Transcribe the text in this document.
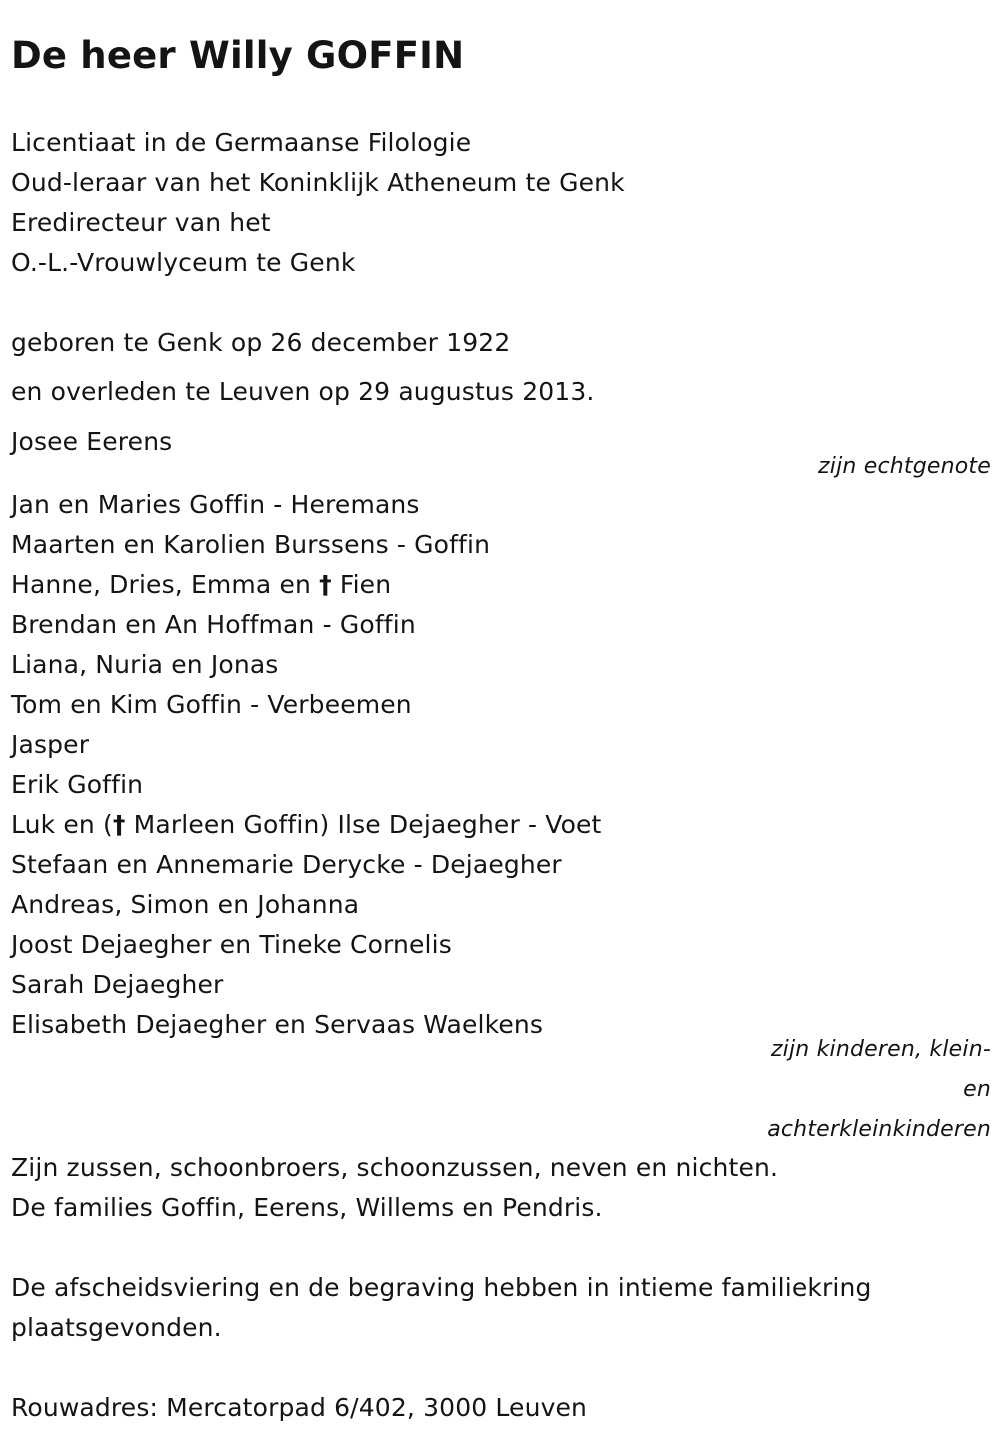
De heer Willy GOFFIN
Licentiaat in de Germaanse Filologie
Oud-leraar van het Koninklijk Atheneum te Genk
Eredirecteur van het
O.-L.-Vrouwlyceum te Genk
geboren te Genk op 26 december 1922
en overleden te Leuven op 29 augustus 2013.
Josee Eerens
zijn echtgenote
Jan en Maries Goffin - Heremans
Maarten en Karolien Burssens - Goffin
Hanne, Dries, Emma en † Fien
Brendan en An Hoffman - Goffin
Liana, Nuria en Jonas
Tom en Kim Goffin - Verbeemen
Jasper
Erik Goffin
Luk en († Marleen Goffin) Ilse Dejaegher - Voet
Stefaan en Annemarie Derycke - Dejaegher
Andreas, Simon en Johanna
Joost Dejaegher en Tineke Cornelis
Sarah Dejaegher
Elisabeth Dejaegher en Servaas Waelkens
zijn kinderen, klein-
en
achterkleinkinderen
Zijn zussen, schoonbroers, schoonzussen, neven en nichten.
De families Goffin, Eerens, Willems en Pendris.
De afscheidsviering en de begraving hebben in intieme familiekring
plaatsgevonden.
Rouwadres: Mercatorpad 6/402, 3000 Leuven
